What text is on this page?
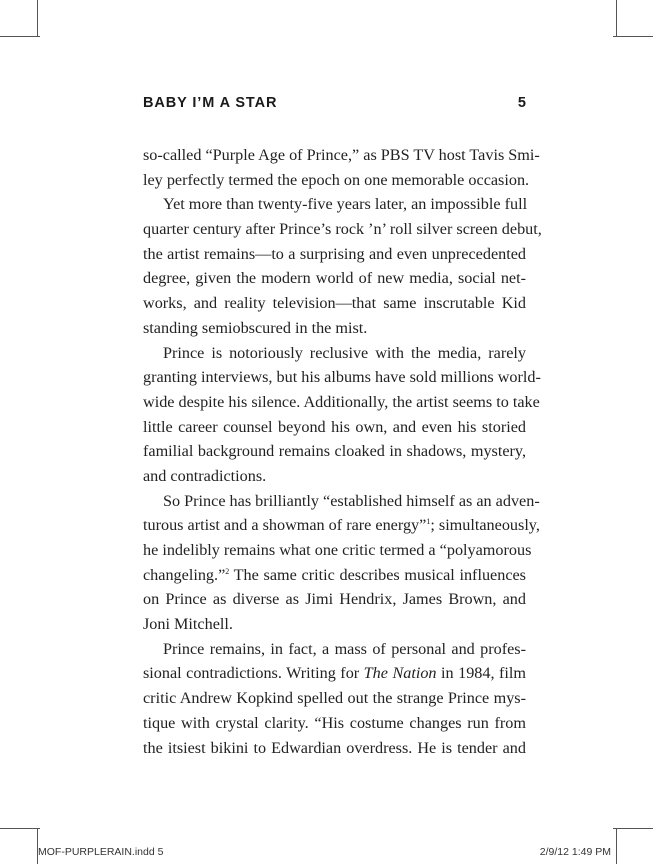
BABY I’M A STAR	5
so-called “Purple Age of Prince,” as PBS TV host Tavis Smi-
ley perfectly termed the epoch on one memorable occasion.
Yet more than twenty-five years later, an impossible full
quarter century after Prince’s rock ’n’ roll silver screen debut,
the artist remains—to a surprising and even unprecedented
degree, given the modern world of new media, social net-
works, and reality television—that same inscrutable Kid
standing semiobscured in the mist.
Prince is notoriously reclusive with the media, rarely
granting interviews, but his albums have sold millions world-
wide despite his silence. Additionally, the artist seems to take
little career counsel beyond his own, and even his storied
familial background remains cloaked in shadows, mystery,
and contradictions.
So Prince has brilliantly “established himself as an adven-
turous artist and a showman of rare energy”$^1$; simultaneously,
he indelibly remains what one critic termed a “polyamorous
changeling.”$^2$ The same critic describes musical influences
on Prince as diverse as Jimi Hendrix, James Brown, and
Joni Mitchell.
Prince remains, in fact, a mass of personal and profes-
sional contradictions. Writing for The Nation in 1984, film
critic Andrew Kopkind spelled out the strange Prince mys-
tique with crystal clarity. “His costume changes run from
the itsiest bikini to Edwardian overdress. He is tender and
MOF-PURPLERAIN.indd 5	2/9/12 1:49 PM
